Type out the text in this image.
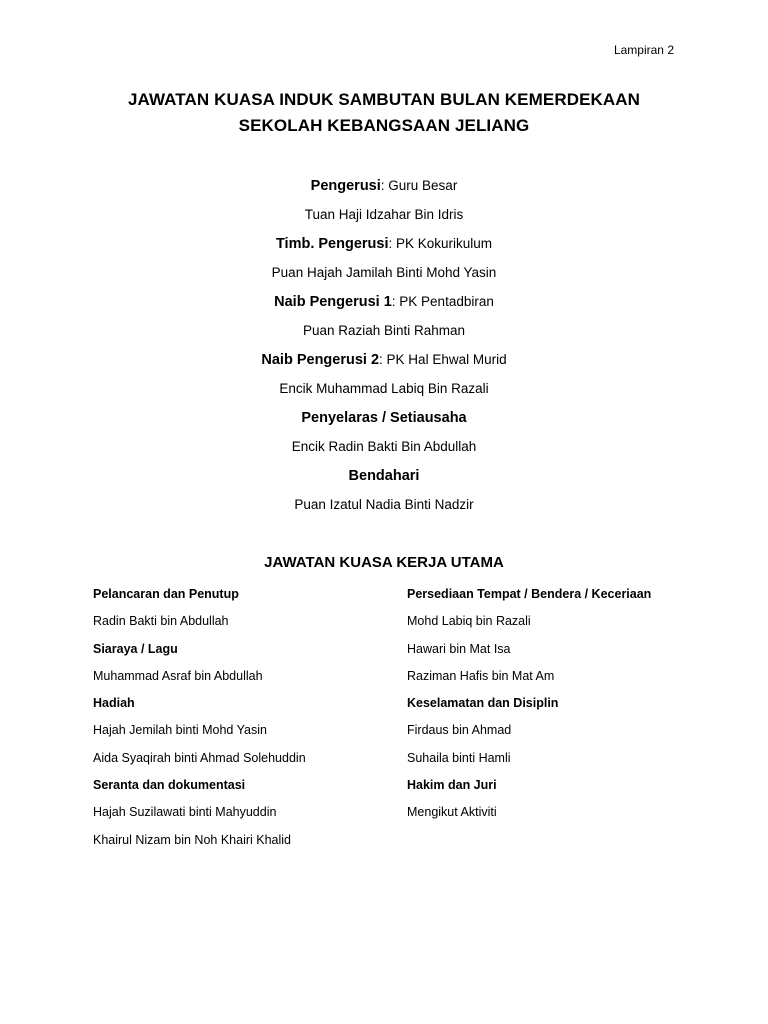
Lampiran 2
JAWATAN KUASA INDUK SAMBUTAN BULAN KEMERDEKAAN
SEKOLAH KEBANGSAAN JELIANG
Pengerusi: Guru Besar
Tuan Haji Idzahar Bin Idris
Timb. Pengerusi: PK Kokurikulum
Puan Hajah Jamilah Binti Mohd Yasin
Naib Pengerusi 1: PK Pentadbiran
Puan Raziah Binti Rahman
Naib Pengerusi 2: PK Hal Ehwal Murid
Encik Muhammad Labiq Bin Razali
Penyelaras / Setiausaha
Encik Radin Bakti Bin Abdullah
Bendahari
Puan Izatul Nadia Binti Nadzir
JAWATAN KUASA KERJA UTAMA
Pelancaran dan Penutup
Radin Bakti bin Abdullah
Siaraya / Lagu
Muhammad Asraf bin Abdullah
Hadiah
Hajah Jemilah binti Mohd Yasin
Aida Syaqirah binti Ahmad Solehuddin
Seranta dan dokumentasi
Hajah Suzilawati binti Mahyuddin
Khairul Nizam bin Noh Khairi Khalid
Persediaan Tempat / Bendera / Keceriaan
Mohd Labiq bin Razali
Hawari bin Mat Isa
Raziman Hafis bin Mat Am
Keselamatan dan Disiplin
Firdaus bin Ahmad
Suhaila binti Hamli
Hakim dan Juri
Mengikut Aktiviti
